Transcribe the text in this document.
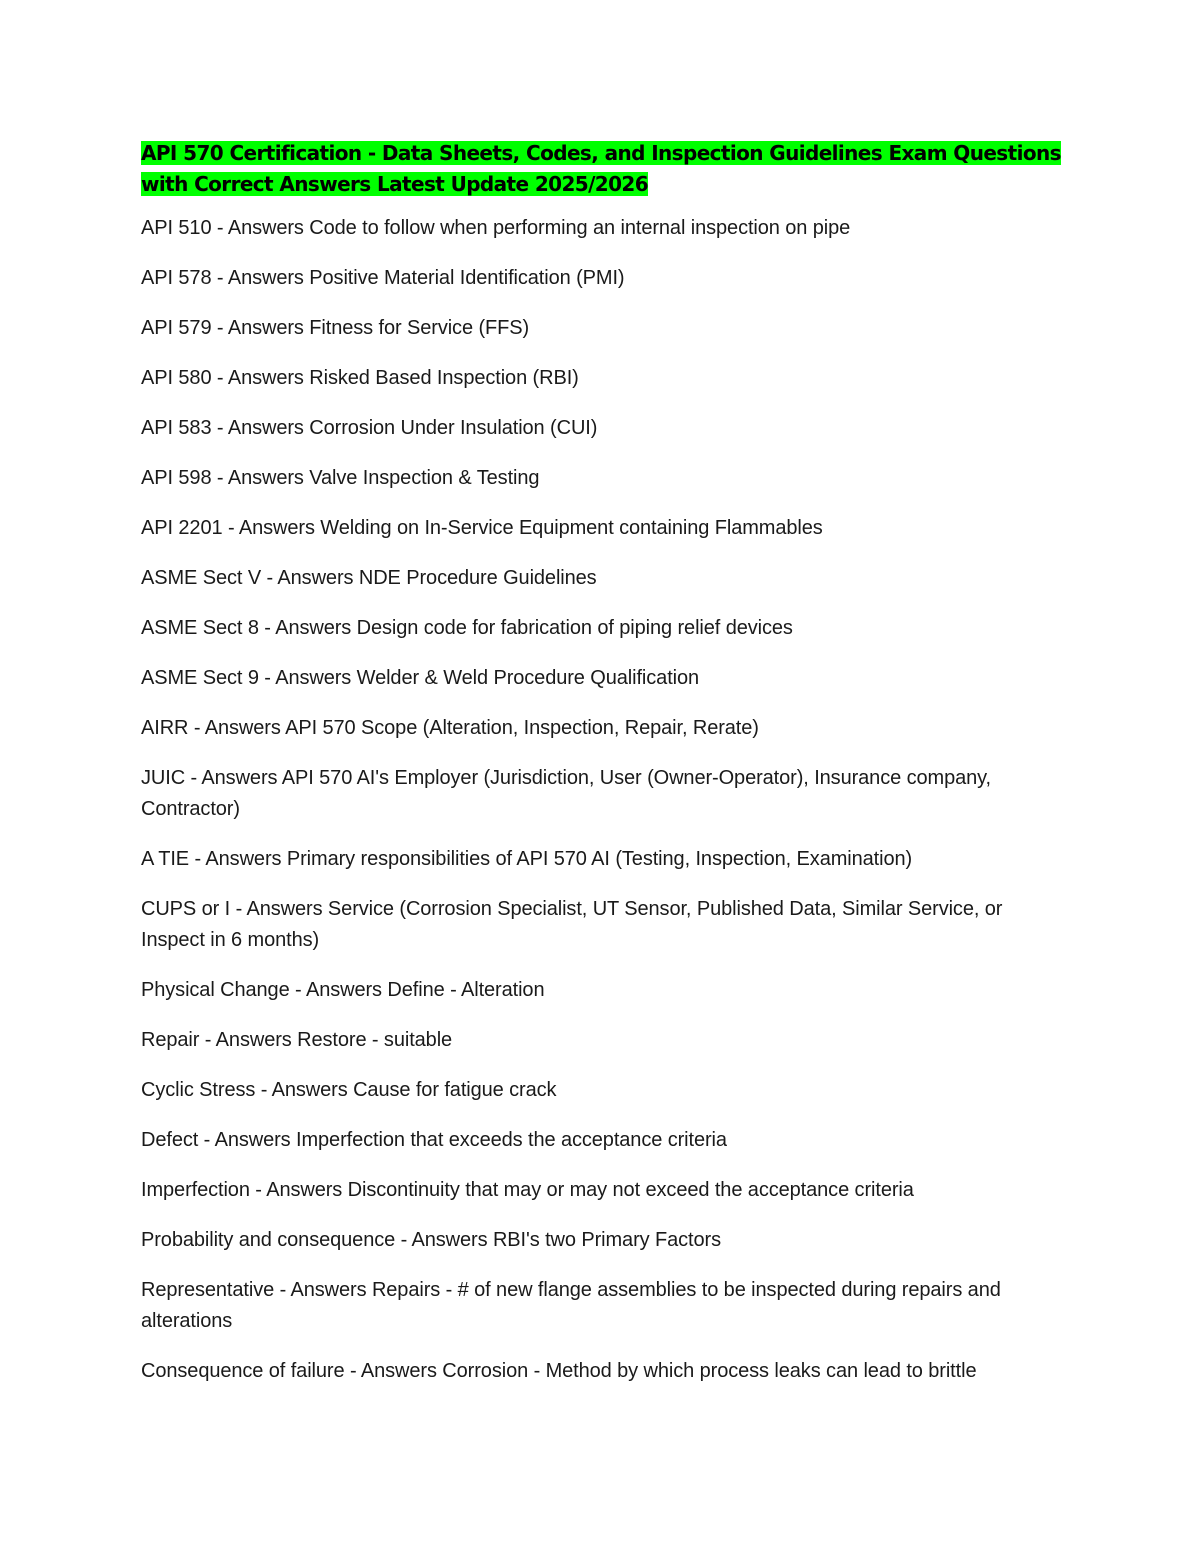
API 570 Certification - Data Sheets, Codes, and Inspection Guidelines Exam Questions with Correct Answers Latest Update 2025/2026
API 510 - Answers Code to follow when performing an internal inspection on pipe
API 578 - Answers Positive Material Identification (PMI)
API 579 - Answers Fitness for Service (FFS)
API 580 - Answers Risked Based Inspection (RBI)
API 583 - Answers Corrosion Under Insulation (CUI)
API 598 - Answers Valve Inspection & Testing
API 2201 - Answers Welding on In-Service Equipment containing Flammables
ASME Sect V - Answers NDE Procedure Guidelines
ASME Sect 8 - Answers Design code for fabrication of piping relief devices
ASME Sect 9 - Answers Welder & Weld Procedure Qualification
AIRR - Answers API 570 Scope (Alteration, Inspection, Repair, Rerate)
JUIC - Answers API 570 AI's Employer (Jurisdiction, User (Owner-Operator), Insurance company, Contractor)
A TIE - Answers Primary responsibilities of API 570 AI (Testing, Inspection, Examination)
CUPS or I - Answers Service (Corrosion Specialist, UT Sensor, Published Data, Similar Service, or Inspect in 6 months)
Physical Change - Answers Define - Alteration
Repair - Answers Restore - suitable
Cyclic Stress - Answers Cause for fatigue crack
Defect - Answers Imperfection that exceeds the acceptance criteria
Imperfection - Answers Discontinuity that may or may not exceed the acceptance criteria
Probability and consequence - Answers RBI's two Primary Factors
Representative - Answers Repairs - # of new flange assemblies to be inspected during repairs and alterations
Consequence of failure - Answers Corrosion - Method by which process leaks can lead to brittle
